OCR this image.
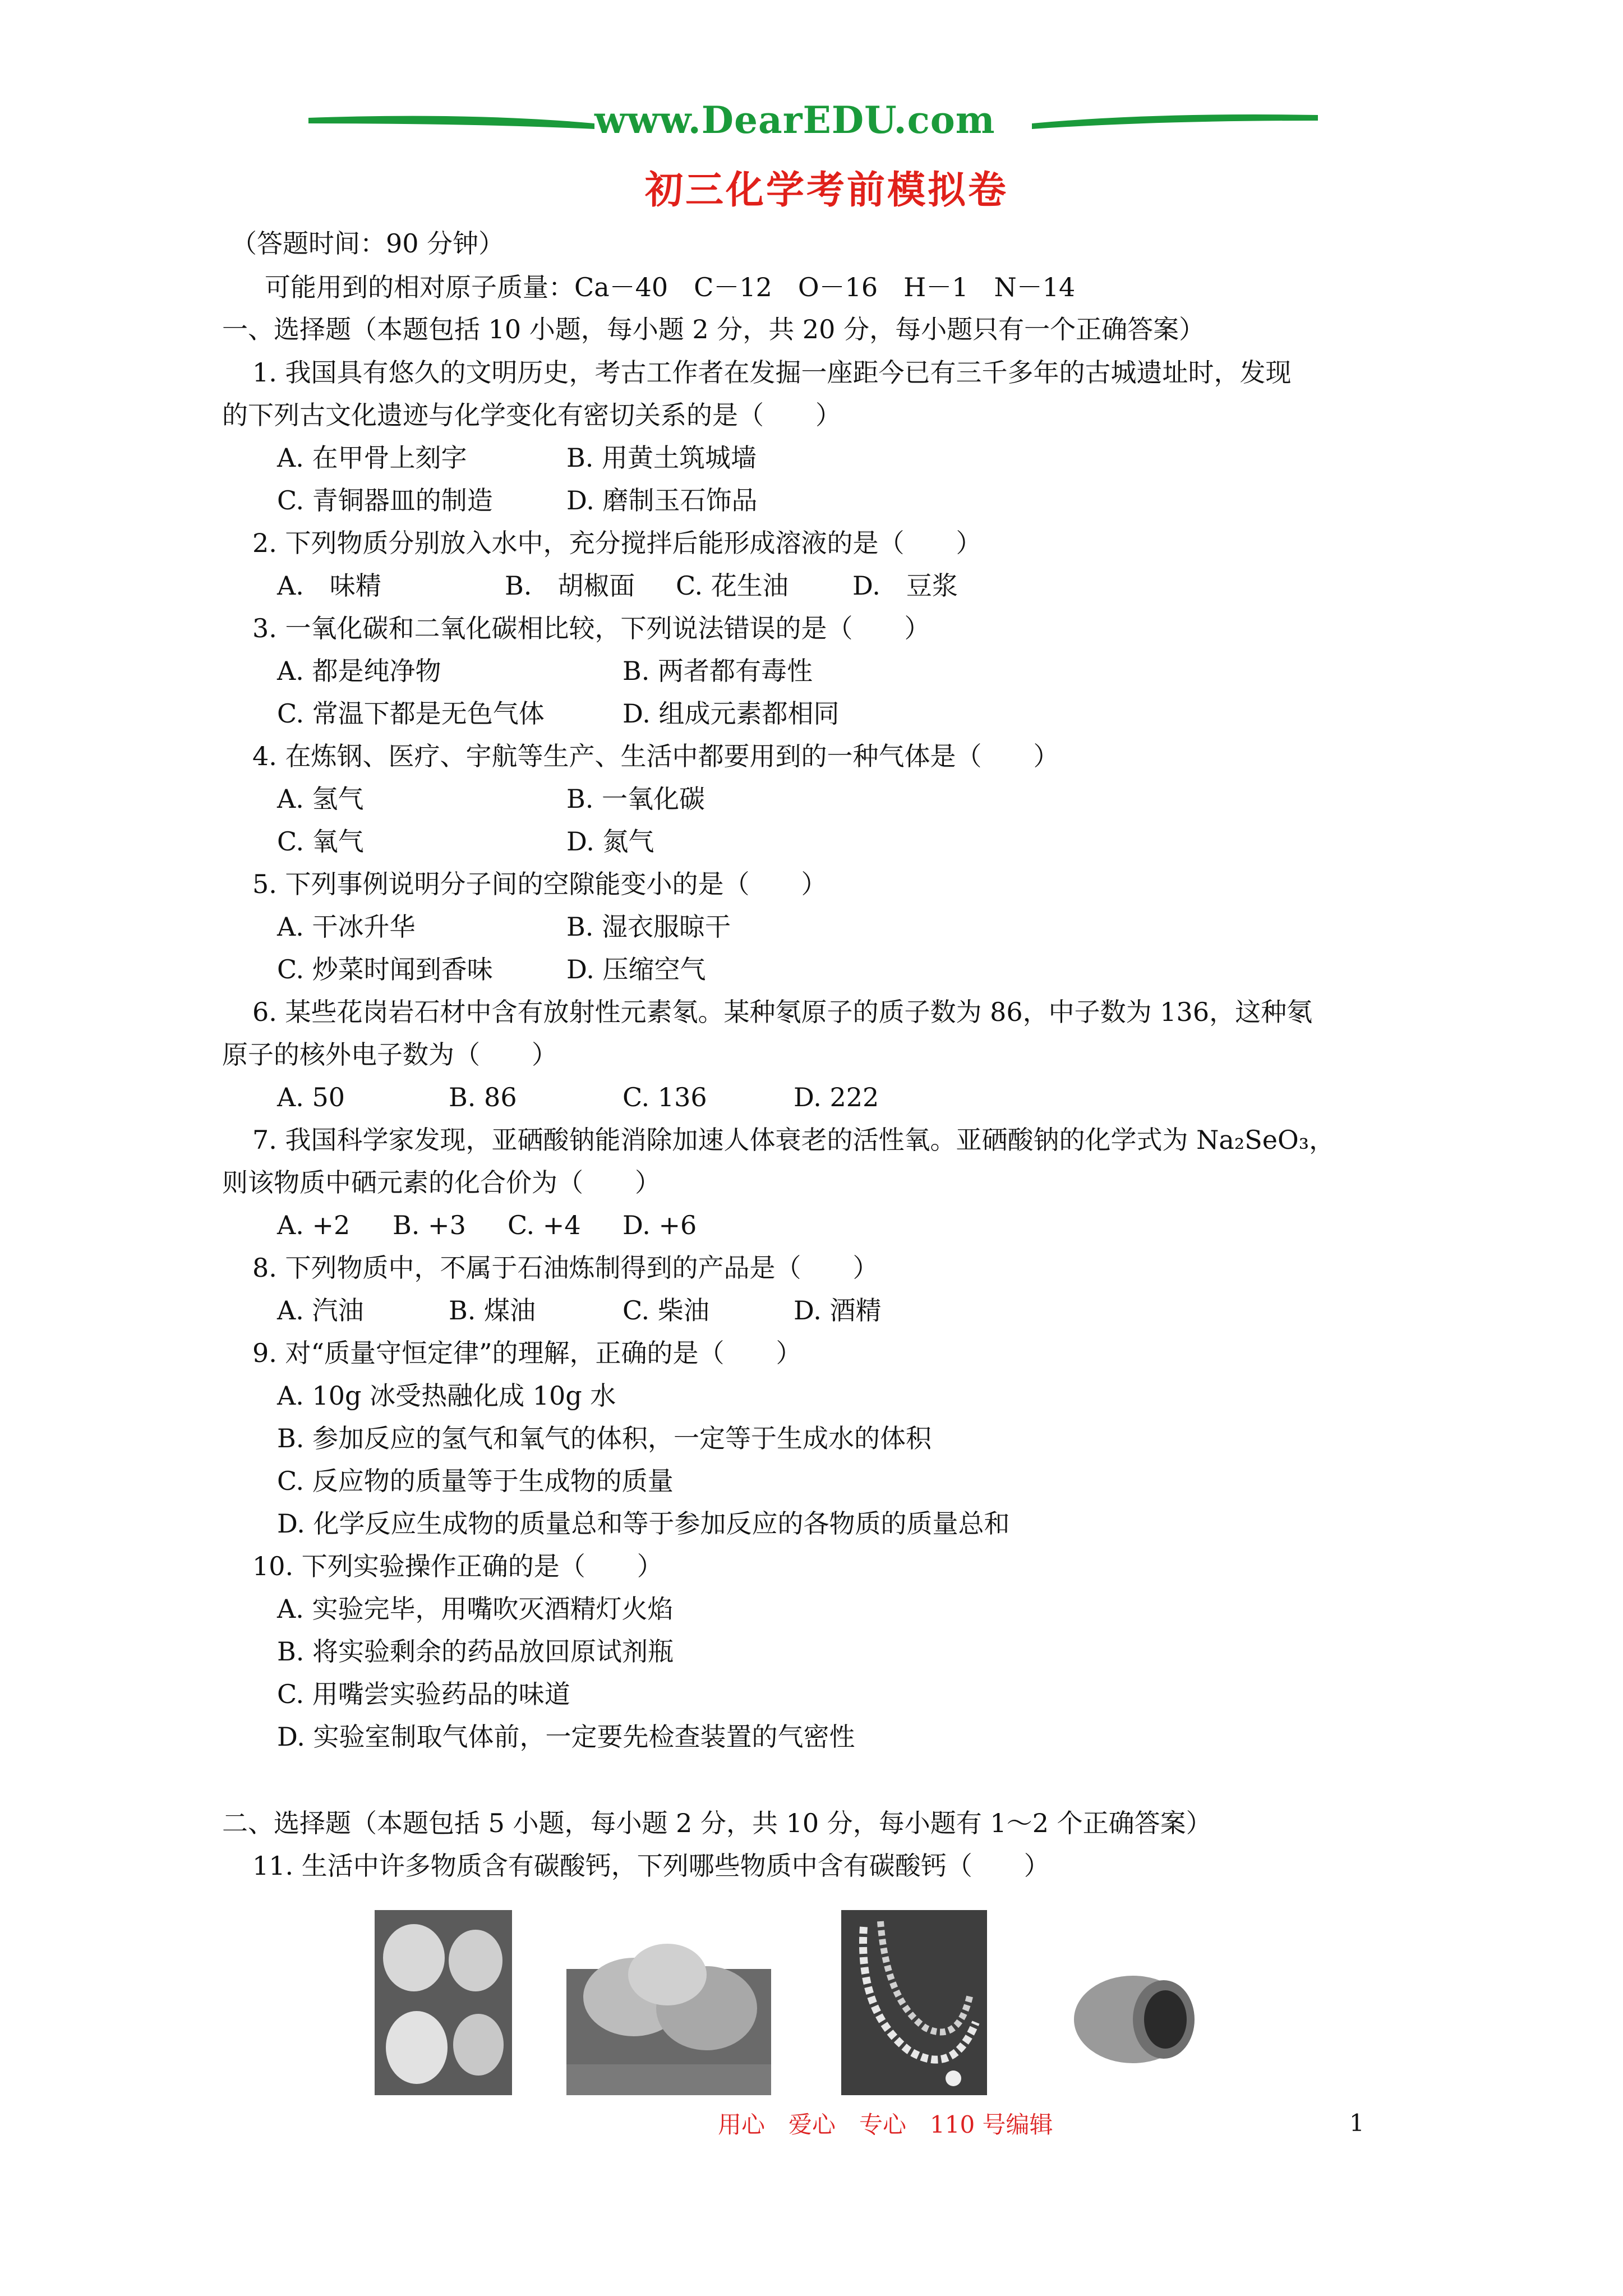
www.DearEDU.com
初三化学考前模拟卷
（答题时间：90 分钟）
可能用到的相对原子质量：Ca－40　C－12　O－16　H－1　N－14
一、选择题（本题包括 10 小题，每小题 2 分，共 20 分，每小题只有一个正确答案）
1. 我国具有悠久的文明历史，考古工作者在发掘一座距今已有三千多年的古城遗址时，发现
的下列古文化遗迹与化学变化有密切关系的是（　　）
A. 在甲骨上刻字	B. 用黄土筑城墙
C. 青铜器皿的制造	D. 磨制玉石饰品
2. 下列物质分别放入水中，充分搅拌后能形成溶液的是（　　）
A.　味精	B.　胡椒面 C. 花生油 D.　豆浆
3. 一氧化碳和二氧化碳相比较，下列说法错误的是（　　）
A. 都是纯净物	B. 两者都有毒性
C. 常温下都是无色气体	D. 组成元素都相同
4. 在炼钢、医疗、宇航等生产、生活中都要用到的一种气体是（　　）
A. 氢气	B. 一氧化碳
C. 氧气	D. 氮气
5. 下列事例说明分子间的空隙能变小的是（　　）
A. 干冰升华	B. 湿衣服晾干
C. 炒菜时闻到香味	D. 压缩空气
6. 某些花岗岩石材中含有放射性元素氡。某种氡原子的质子数为 86，中子数为 136，这种氡
原子的核外电子数为（　　）
A. 50	B. 86	C. 136	D. 222
7. 我国科学家发现，亚硒酸钠能消除加速人体衰老的活性氧。亚硒酸钠的化学式为 Na₂SeO₃，
则该物质中硒元素的化合价为（　　）
A. +2 B. +3 C. +4 D. +6
8. 下列物质中，不属于石油炼制得到的产品是（　　）
A. 汽油	B. 煤油	C. 柴油	D. 酒精
9. 对“质量守恒定律”的理解，正确的是（　　）
A. 10g 冰受热融化成 10g 水
B. 参加反应的氢气和氧气的体积，一定等于生成水的体积
C. 反应物的质量等于生成物的质量
D. 化学反应生成物的质量总和等于参加反应的各物质的质量总和
10. 下列实验操作正确的是（　　）
A. 实验完毕，用嘴吹灭酒精灯火焰
B. 将实验剩余的药品放回原试剂瓶
C. 用嘴尝实验药品的味道
D. 实验室制取气体前，一定要先检查装置的气密性
二、选择题（本题包括 5 小题，每小题 2 分，共 10 分，每小题有 1～2 个正确答案）
11. 生活中许多物质含有碳酸钙，下列哪些物质中含有碳酸钙（　　）
用心　爱心　专心　110 号编辑	1
